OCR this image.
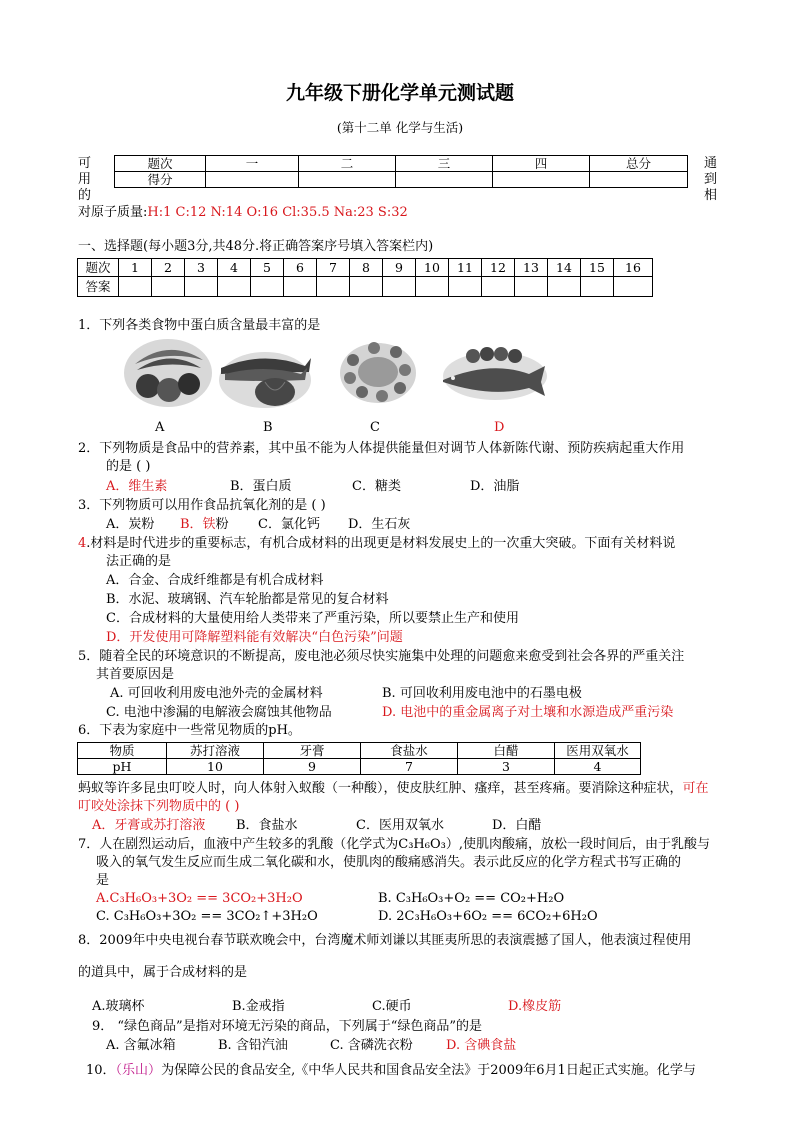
九年级下册化学单元测试题
(第十二单 化学与生活)
可
用
的
通
到
相
题次	一	二	三	四	总分
得分					
对原子质量:H:1 C:12 N:14 O:16 Cl:35.5 Na:23 S:32
一、选择题(每小题3分,共48分.将正确答案序号填入答案栏内)
题次	1	2	3	4	5	6	7	8	9	10	11	12	13	14	15	16
答案																
1．下列各类食物中蛋白质含量最丰富的是
A	B	C	D
2．下列物质是食品中的营养素，其中虽不能为人体提供能量但对调节人体新陈代谢、预防疾病起重大作用
的是 ( )
A．维生素	B．蛋白质	C．糖类	D．油脂
3．下列物质可以用作食品抗氧化剂的是 ( )
A．炭粉 B．铁粉 C．氯化钙 D．生石灰
4.材料是时代进步的重要标志，有机合成材料的出现更是材料发展史上的一次重大突破。下面有关材料说
法正确的是
A．合金、合成纤维都是有机合成材料
B．水泥、玻璃钢、汽车轮胎都是常见的复合材料
C．合成材料的大量使用给人类带来了严重污染，所以要禁止生产和使用
D．开发使用可降解塑料能有效解决“白色污染”问题
5．随着全民的环境意识的不断提高，废电池必须尽快实施集中处理的问题愈来愈受到社会各界的严重关注
其首要原因是
A. 可回收利用废电池外壳的金属材料	B. 可回收利用废电池中的石墨电极
C. 电池中渗漏的电解液会腐蚀其他物品	D. 电池中的重金属离子对土壤和水源造成严重污染
6．下表为家庭中一些常见物质的pH。
物质	苏打溶液	牙膏	食盐水	白醋	医用双氧水
pH	10	9	7	3	4
蚂蚁等许多昆虫叮咬人时，向人体射入蚁酸（一种酸），使皮肤红肿、瘙痒，甚至疼痛。要消除这种症状，可在
叮咬处涂抹下列物质中的 ( )
A．牙膏或苏打溶液 B．食盐水	C．医用双氧水	D．白醋
7．人在剧烈运动后，血液中产生较多的乳酸（化学式为C₃H₆O₃）,使肌肉酸痛，放松一段时间后，由于乳酸与
吸入的氧气发生反应而生成二氧化碳和水，使肌肉的酸痛感消失。表示此反应的化学方程式书写正确的
是
A.C₃H₆O₃+3O₂ == 3CO₂+3H₂O	B. C₃H₆O₃+O₂ == CO₂+H₂O
C. C₃H₆O₃+3O₂ == 3CO₂↑+3H₂O	D. 2C₃H₆O₃+6O₂ == 6CO₂+6H₂O
8．2009年中央电视台春节联欢晚会中，台湾魔术师刘谦以其匪夷所思的表演震撼了国人，他表演过程使用
的道具中，属于合成材料的是
A.玻璃杯	B.金戒指	C.硬币	D.橡皮筋
9． “绿色商品”是指对环境无污染的商品，下列属于“绿色商品”的是
A. 含氟冰箱	B. 含铅汽油	C. 含磷洗衣粉	D. 含碘食盐
10．（乐山）为保障公民的食品安全,《中华人民共和国食品安全法》于2009年6月1日起正式实施。化学与
